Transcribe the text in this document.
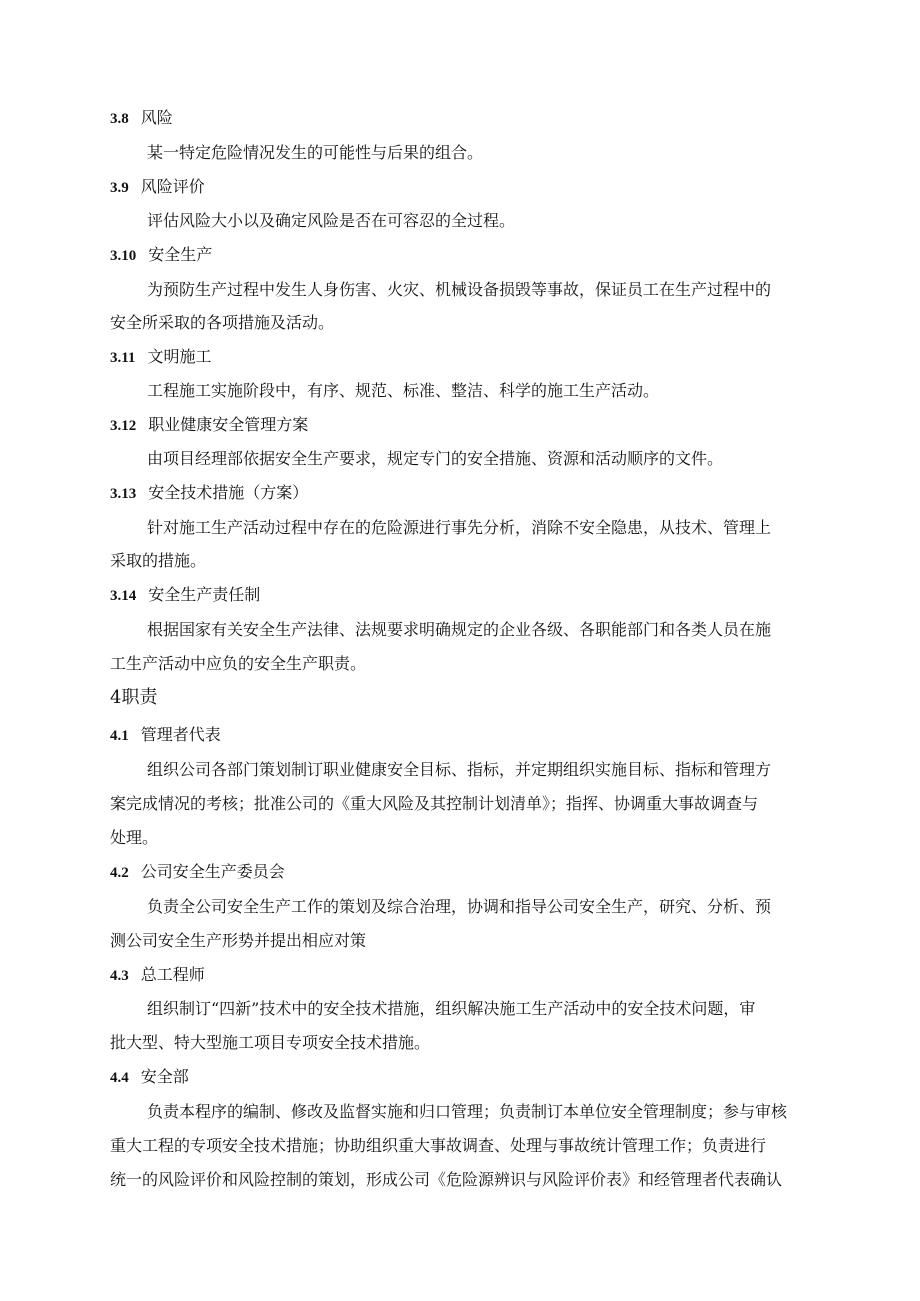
3.8 风险
某一特定危险情况发生的可能性与后果的组合。
3.9 风险评价
评估风险大小以及确定风险是否在可容忍的全过程。
3.10 安全生产
为预防生产过程中发生人身伤害、火灾、机械设备损毁等事故，保证员工在生产过程中的
安全所采取的各项措施及活动。
3.11 文明施工
工程施工实施阶段中，有序、规范、标准、整洁、科学的施工生产活动。
3.12 职业健康安全管理方案
由项目经理部依据安全生产要求，规定专门的安全措施、资源和活动顺序的文件。
3.13 安全技术措施（方案）
针对施工生产活动过程中存在的危险源进行事先分析，消除不安全隐患，从技术、管理上
采取的措施。
3.14 安全生产责任制
根据国家有关安全生产法律、法规要求明确规定的企业各级、各职能部门和各类人员在施
工生产活动中应负的安全生产职责。
4职责
4.1 管理者代表
组织公司各部门策划制订职业健康安全目标、指标，并定期组织实施目标、指标和管理方
案完成情况的考核；批准公司的《重大风险及其控制计划清单》；指挥、协调重大事故调查与
处理。
4.2 公司安全生产委员会
负责全公司安全生产工作的策划及综合治理，协调和指导公司安全生产，研究、分析、预
测公司安全生产形势并提出相应对策
4.3 总工程师
组织制订“四新”技术中的安全技术措施，组织解决施工生产活动中的安全技术问题，审
批大型、特大型施工项目专项安全技术措施。
4.4 安全部
负责本程序的编制、修改及监督实施和归口管理；负责制订本单位安全管理制度；参与审核
重大工程的专项安全技术措施；协助组织重大事故调查、处理与事故统计管理工作；负责进行
统一的风险评价和风险控制的策划，形成公司《危险源辨识与风险评价表》和经管理者代表确认
